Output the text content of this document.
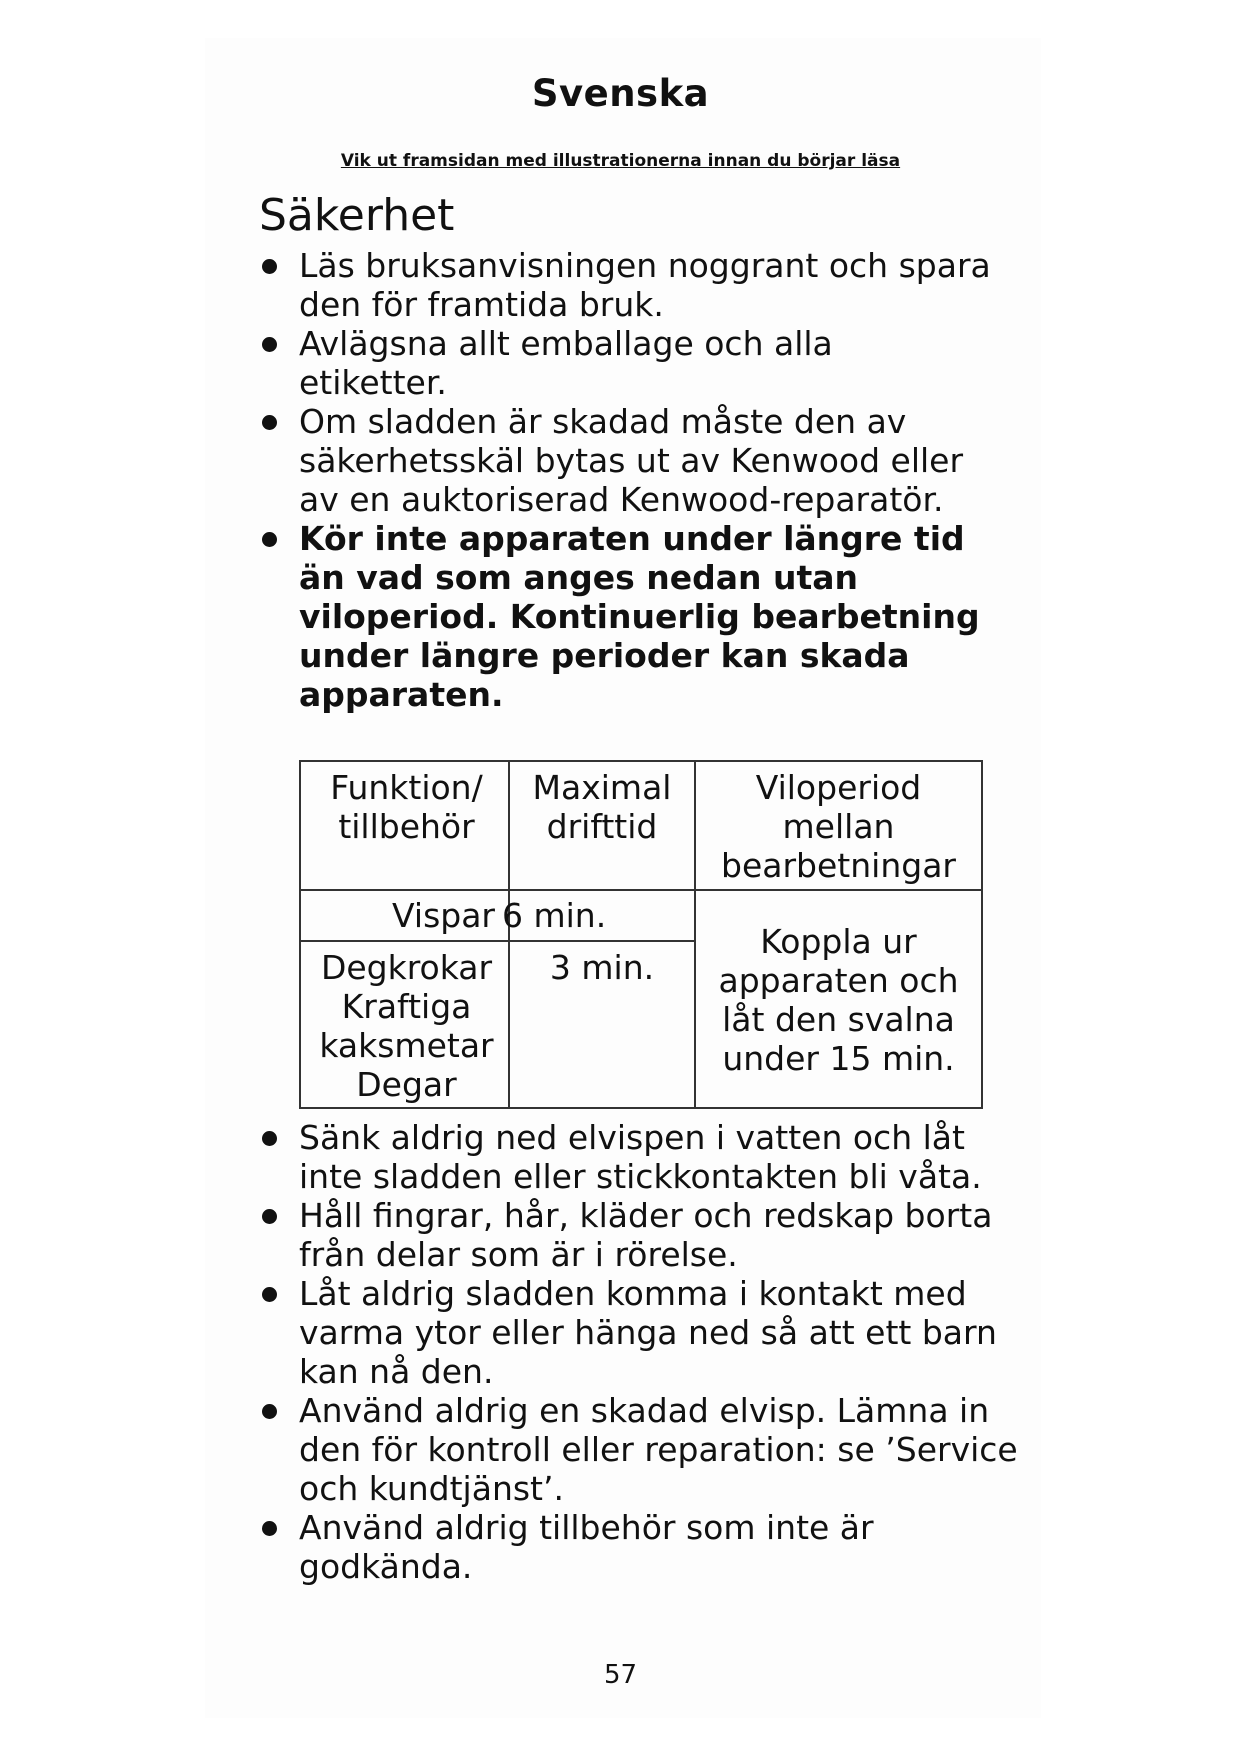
Svenska
Vik ut framsidan med illustrationerna innan du börjar läsa
Säkerhet
Läs bruksanvisningen noggrant och spara den för framtida bruk.
Avlägsna allt emballage och alla etiketter.
Om sladden är skadad måste den av säkerhetsskäl bytas ut av Kenwood eller av en auktoriserad Kenwood-reparatör.
Kör inte apparaten under längre tid än vad som anges nedan utan viloperiod. Kontinuerlig bearbetning under längre perioder kan skada apparaten.
Funktion/ tillbehör
Maximal drifttid
Viloperiod mellan bearbetningar
Vispar 6 min.
Degkrokar Kraftiga kaksmetar Degar
3 min.
Koppla ur apparaten och låt den svalna under 15 min.
Sänk aldrig ned elvispen i vatten och låt inte sladden eller stickkontakten bli våta.
Håll fingrar, hår, kläder och redskap borta från delar som är i rörelse.
Låt aldrig sladden komma i kontakt med varma ytor eller hänga ned så att ett barn kan nå den.
Använd aldrig en skadad elvisp. Lämna in den för kontroll eller reparation: se ’Service och kundtjänst’.
Använd aldrig tillbehör som inte är godkända.
57
